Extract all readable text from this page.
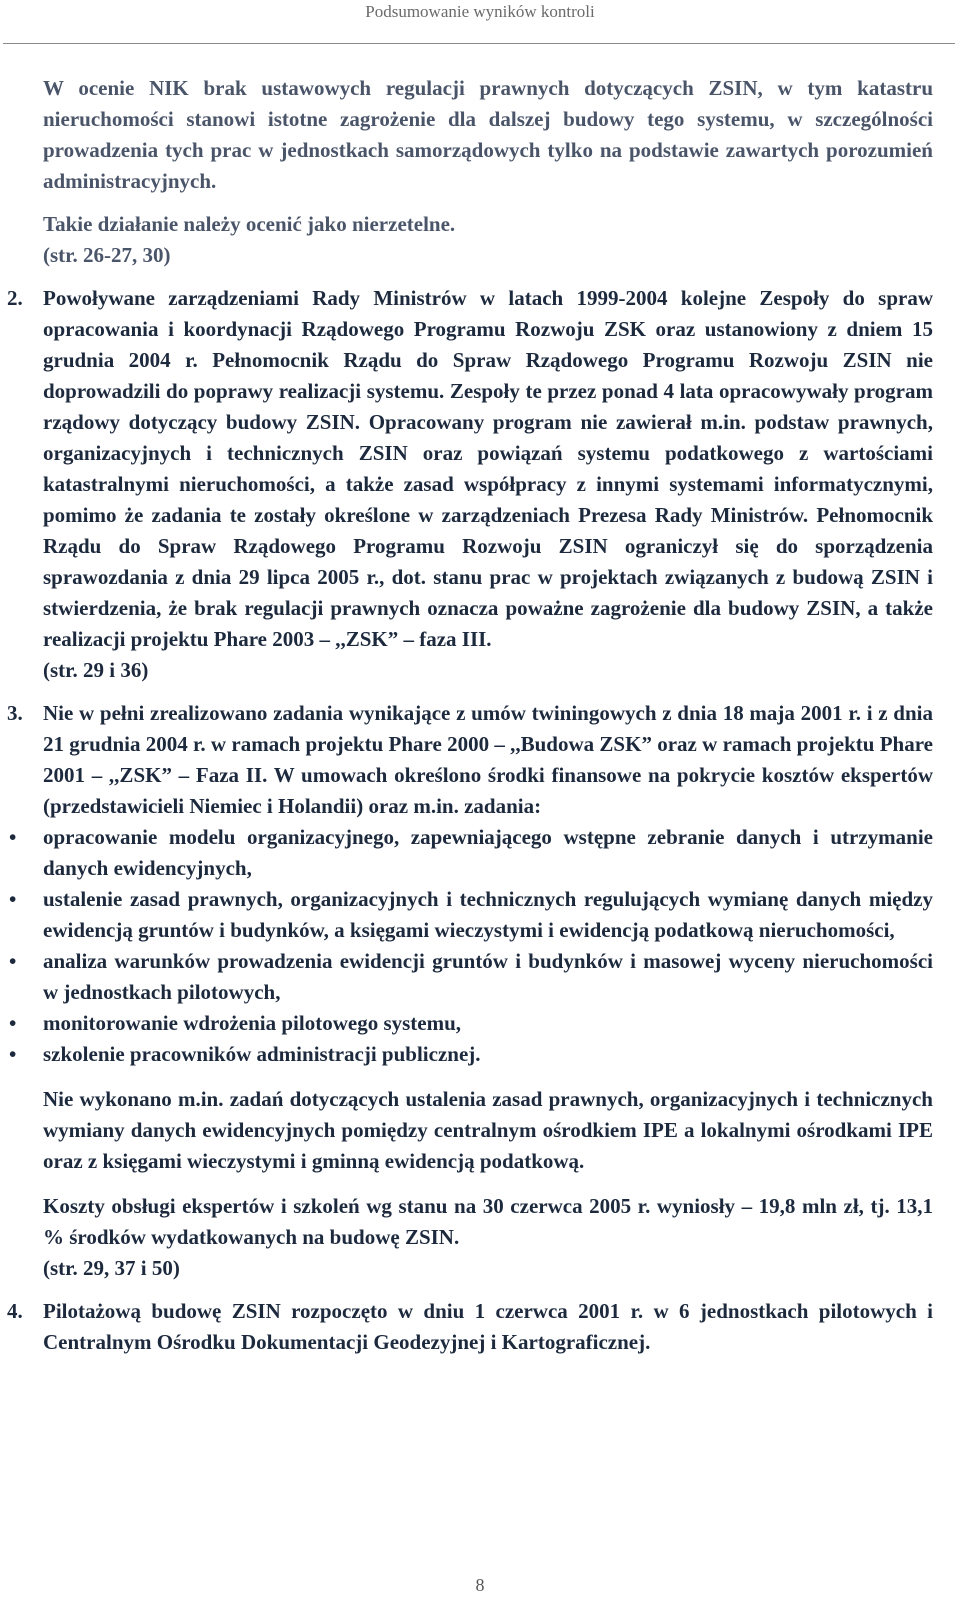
Podsumowanie wyników kontroli

W ocenie NIK brak ustawowych regulacji prawnych dotyczących ZSIN, w tym katastru nieruchomości stanowi istotne zagrożenie dla dalszej budowy tego systemu, w szczególności prowadzenia tych prac w jednostkach samorządowych tylko na podstawie zawartych porozumień administracyjnych.

Takie działanie należy ocenić jako nierzetelne.

(str. 26-27, 30)

2. Powoływane zarządzeniami Rady Ministrów w latach 1999-2004 kolejne Zespoły do spraw opracowania i koordynacji Rządowego Programu Rozwoju ZSK oraz ustanowiony z dniem 15 grudnia 2004 r. Pełnomocnik Rządu do Spraw Rządowego Programu Rozwoju ZSIN nie doprowadzili do poprawy realizacji systemu. Zespoły te przez ponad 4 lata opracowywały program rządowy dotyczący budowy ZSIN. Opracowany program nie zawierał m.in. podstaw prawnych, organizacyjnych i technicznych ZSIN oraz powiązań systemu podatkowego z wartościami katastralnymi nieruchomości, a także zasad współpracy z innymi systemami informatycznymi, pomimo że zadania te zostały określone w zarządzeniach Prezesa Rady Ministrów. Pełnomocnik Rządu do Spraw Rządowego Programu Rozwoju ZSIN ograniczył się do sporządzenia sprawozdania z dnia 29 lipca 2005 r., dot. stanu prac w projektach związanych z budową ZSIN i stwierdzenia, że brak regulacji prawnych oznacza poważne zagrożenie dla budowy ZSIN, a także realizacji projektu Phare 2003 – ,,ZSK” – faza III.

(str. 29 i 36)

3. Nie w pełni zrealizowano zadania wynikające z umów twiningowych z dnia 18 maja 2001 r. i z dnia 21 grudnia 2004 r. w ramach projektu Phare 2000 – ,,Budowa ZSK” oraz w ramach projektu Phare 2001 – ,,ZSK” – Faza II. W umowach określono środki finansowe na pokrycie kosztów ekspertów (przedstawicieli Niemiec i Holandii) oraz m.in. zadania:

• opracowanie modelu organizacyjnego, zapewniającego wstępne zebranie danych i utrzymanie danych ewidencyjnych,
• ustalenie zasad prawnych, organizacyjnych i technicznych regulujących wymianę danych między ewidencją gruntów i budynków, a księgami wieczystymi i ewidencją podatkową nieruchomości,
• analiza warunków prowadzenia ewidencji gruntów i budynków i masowej wyceny nieruchomości w jednostkach pilotowych,
• monitorowanie wdrożenia pilotowego systemu,
• szkolenie pracowników administracji publicznej.

Nie wykonano m.in. zadań dotyczących ustalenia zasad prawnych, organizacyjnych i technicznych wymiany danych ewidencyjnych pomiędzy centralnym ośrodkiem IPE a lokalnymi ośrodkami IPE oraz z księgami wieczystymi i gminną ewidencją podatkową.

Koszty obsługi ekspertów i szkoleń wg stanu na 30 czerwca 2005 r. wyniosły – 19,8 mln zł, tj. 13,1 % środków wydatkowanych na budowę ZSIN.

(str. 29, 37 i 50)

4. Pilotażową budowę ZSIN rozpoczęto w dniu 1 czerwca 2001 r. w 6 jednostkach pilotowych i Centralnym Ośrodku Dokumentacji Geodezyjnej i Kartograficznej.

8
